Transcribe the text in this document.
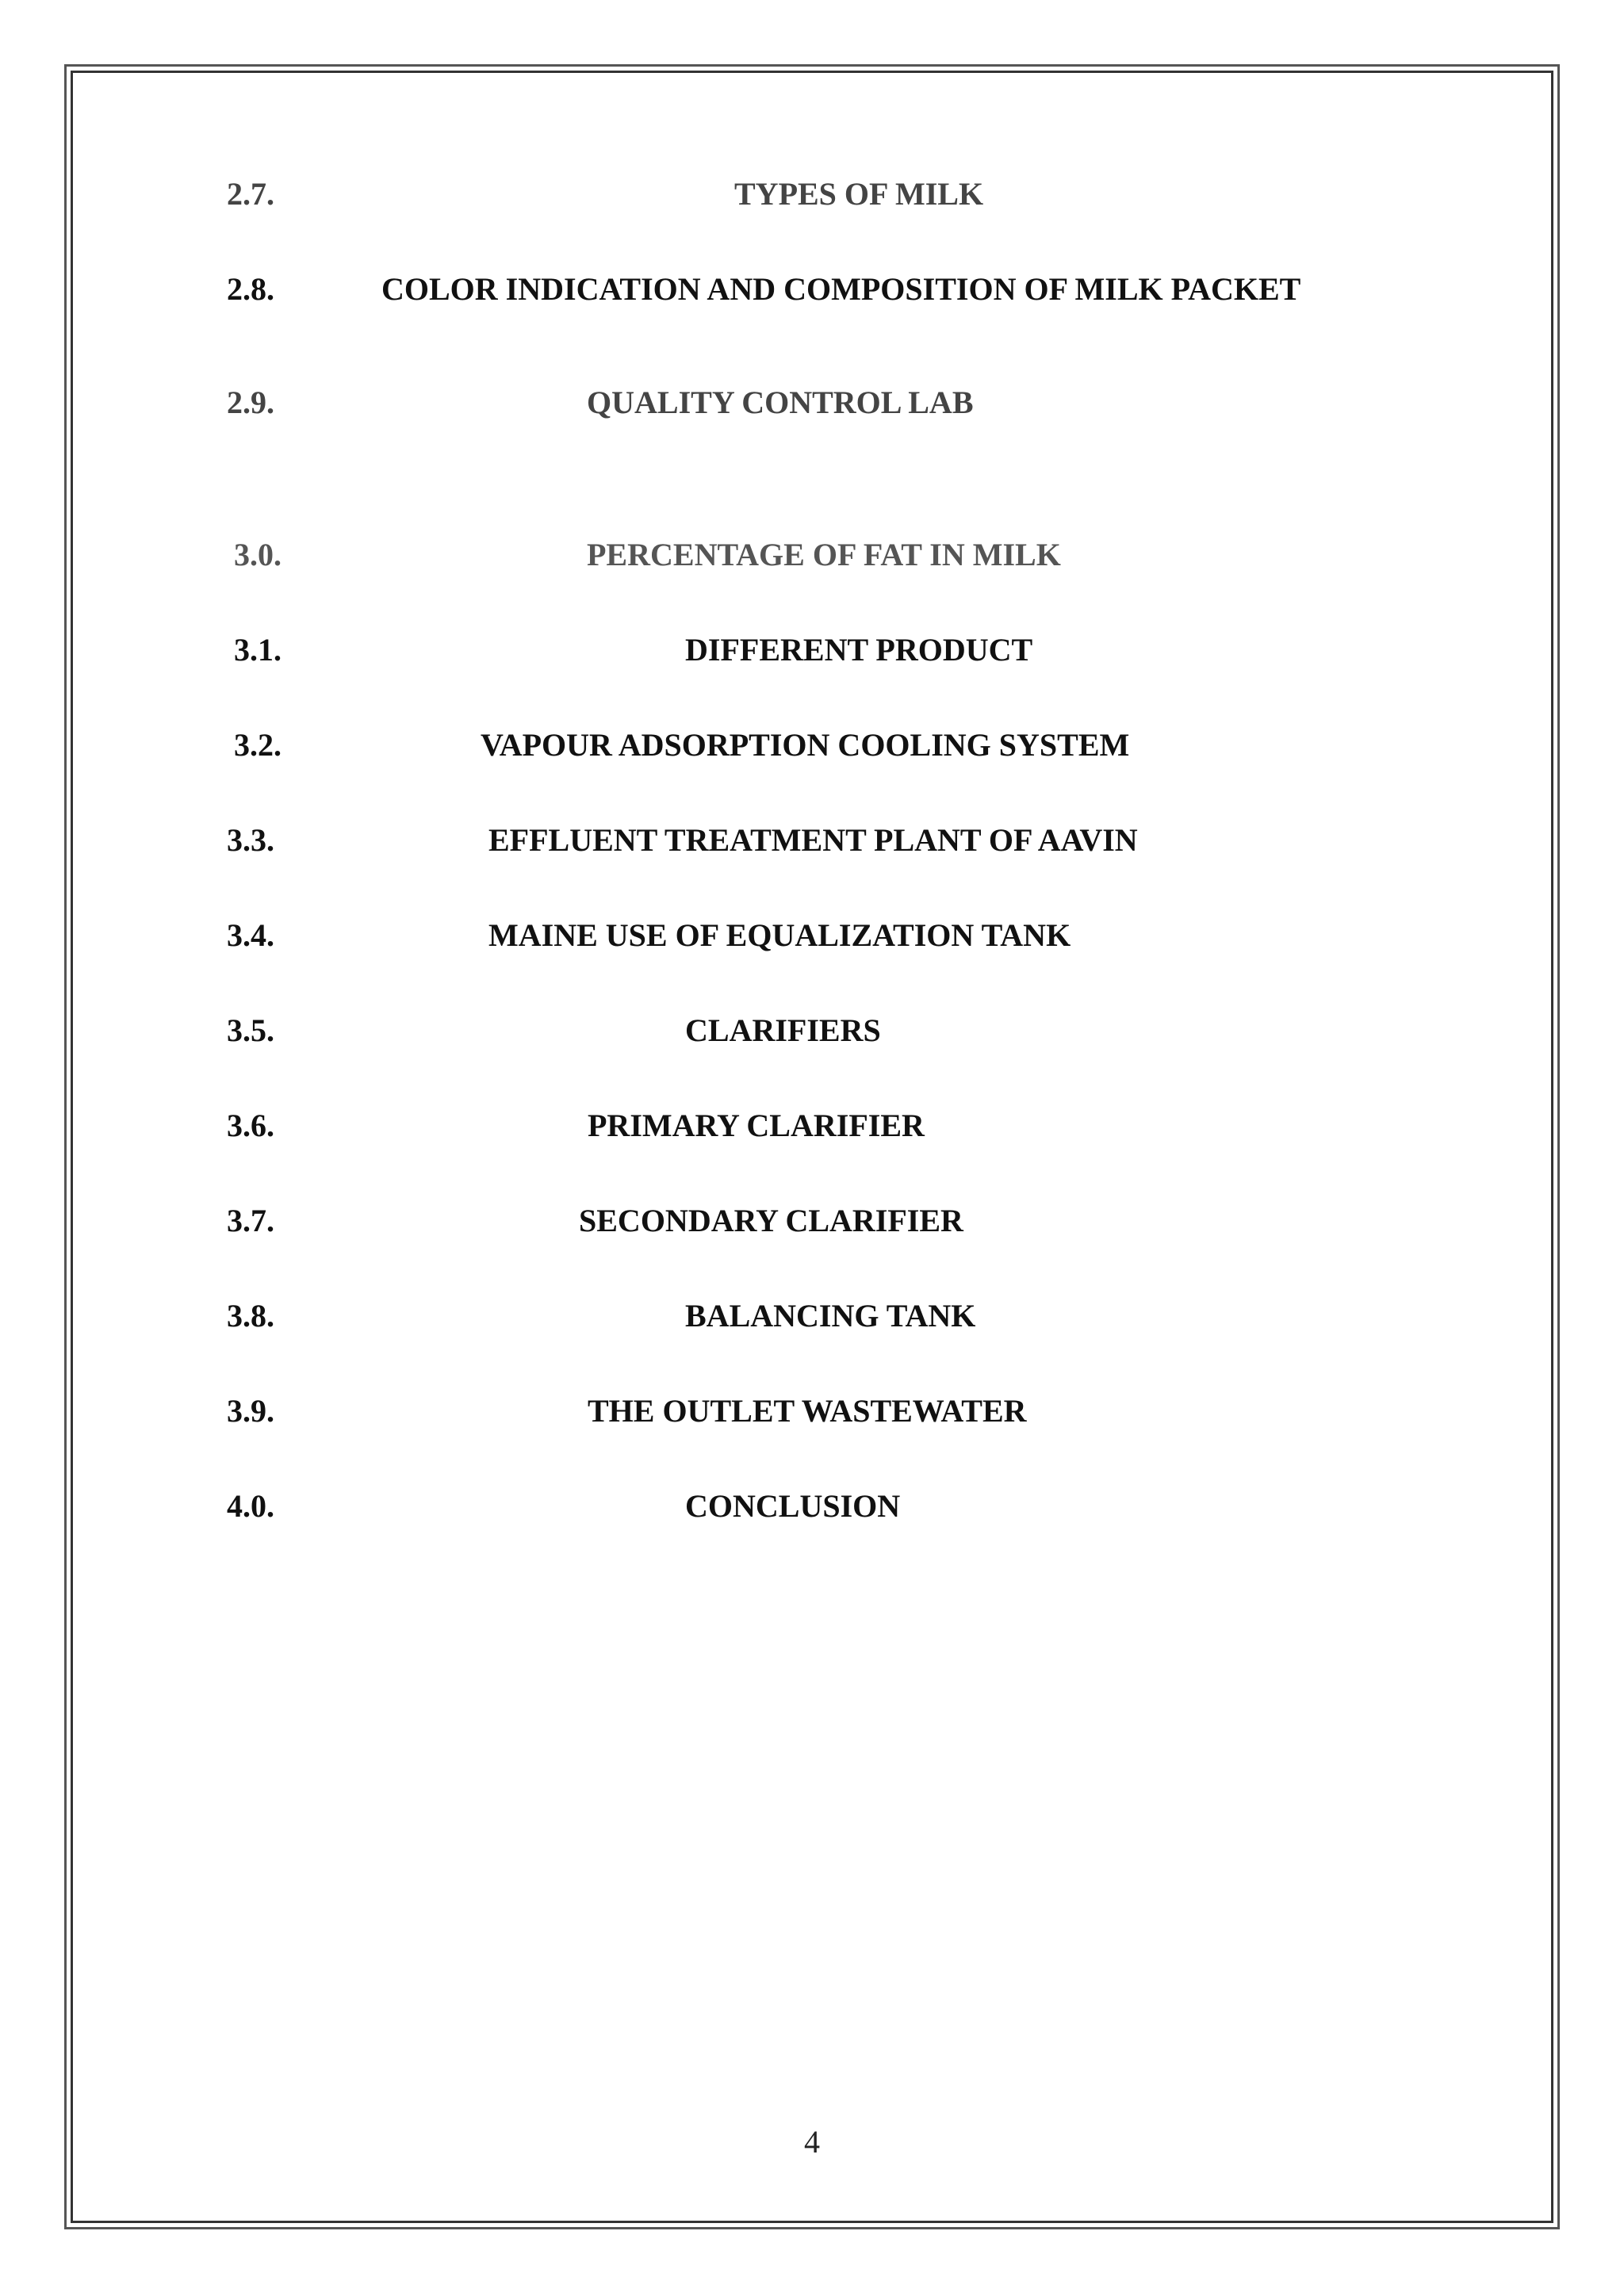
2.7.	TYPES OF MILK
2.8.	COLOR INDICATION AND COMPOSITION OF MILK PACKET
2.9.	QUALITY CONTROL LAB
3.0.	PERCENTAGE OF FAT IN MILK
3.1.	DIFFERENT PRODUCT
3.2.	VAPOUR ADSORPTION COOLING SYSTEM
3.3.	EFFLUENT TREATMENT PLANT OF AAVIN
3.4.	MAINE USE OF EQUALIZATION TANK
3.5.	CLARIFIERS
3.6.	PRIMARY CLARIFIER
3.7.	SECONDARY CLARIFIER
3.8.	BALANCING TANK
3.9.	THE OUTLET WASTEWATER
4.0.	CONCLUSION
4
